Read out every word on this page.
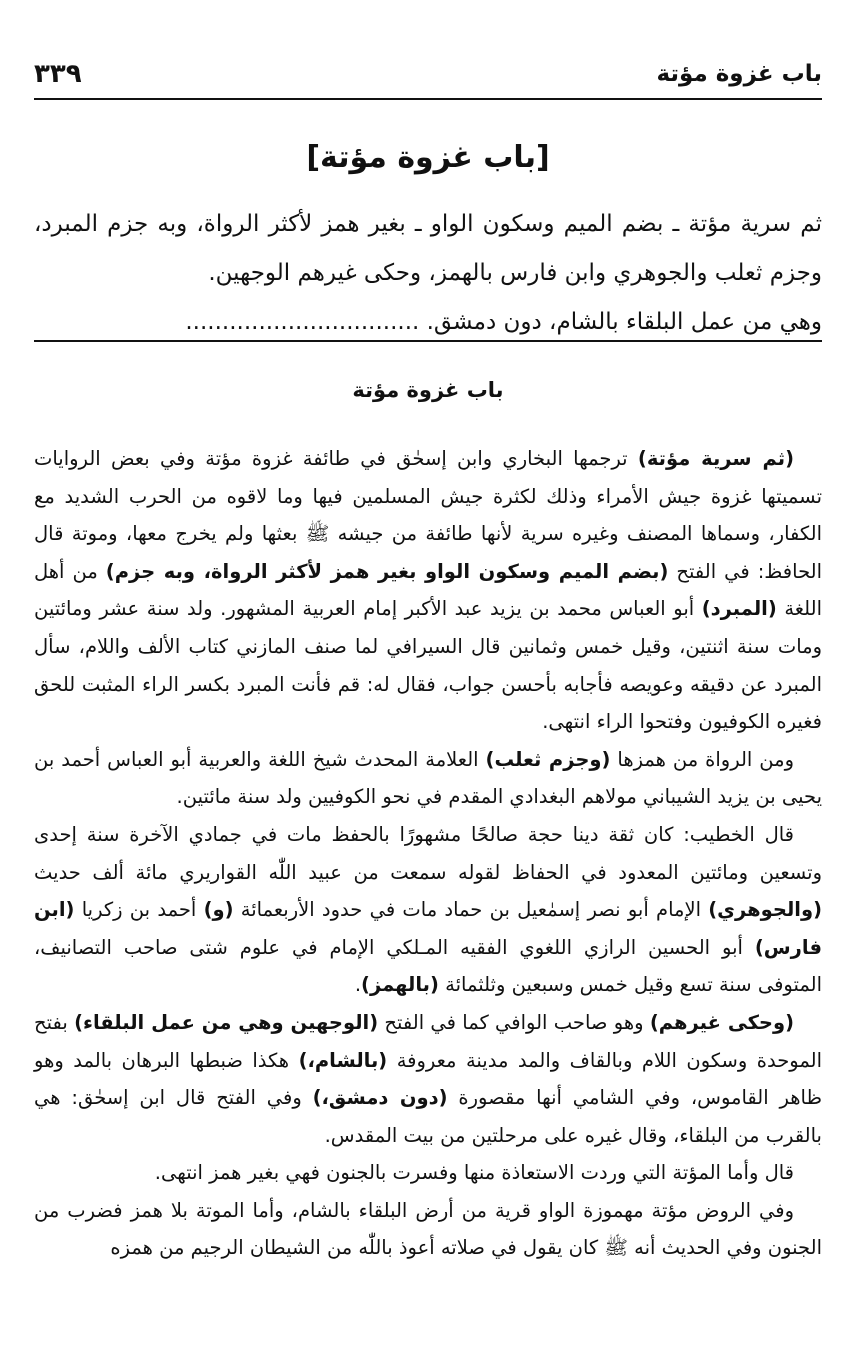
باب غزوة مؤتة
٣٣٩
[باب غزوة مؤتة]

ثم سرية مؤتة ـ بضم الميم وسكون الواو ـ بغير همز لأكثر الرواة، وبه جزم المبرد، وجزم ثعلب والجوهري وابن فارس بالهمز، وحكى غيرهم الوجهين.

وهي من عمل البلقاء بالشام، دون دمشق. ................................

باب غزوة مؤتة

(ثم سرية مؤتة) ترجمها البخاري وابن إسحٰق في طائفة غزوة مؤتة وفي بعض الروايات تسميتها غزوة جيش الأمراء وذلك لكثرة جيش المسلمين فيها وما لاقوه من الحرب الشديد مع الكفار، وسماها المصنف وغيره سرية لأنها طائفة من جيشه ﷺ بعثها ولم يخرج معها، وموتة قال الحافظ: في الفتح (بضم الميم وسكون الواو بغير همز لأكثر الرواة، وبه جزم) من أهل اللغة (المبرد) أبو العباس محمد بن يزيد عبد الأكبر إمام العربية المشهور. ولد سنة عشر ومائتين ومات سنة اثنتين، وقيل خمس وثمانين قال السيرافي لما صنف المازني كتاب الألف واللام، سأل المبرد عن دقيقه وعويصه فأجابه بأحسن جواب، فقال له: قم فأنت المبرد بكسر الراء المثبت للحق فغيره الكوفيون وفتحوا الراء انتهى.

ومن الرواة من همزها (وجزم ثعلب) العلامة المحدث شيخ اللغة والعربية أبو العباس أحمد بن يحيى بن يزيد الشيباني مولاهم البغدادي المقدم في نحو الكوفيين ولد سنة مائتين.

قال الخطيب: كان ثقة دينا حجة صالحًا مشهورًا بالحفظ مات في جمادي الآخرة سنة إحدى وتسعين ومائتين المعدود في الحفاظ لقوله سمعت من عبيد اللّٰه القواريري مائة ألف حديث (والجوهري) الإمام أبو نصر إسمٰعيل بن حماد مات في حدود الأربعمائة (و) أحمد بن زكريا (ابن فارس) أبو الحسين الرازي اللغوي الفقيه المـلكي الإمام في علوم شتى صاحب التصانيف، المتوفى سنة تسع وقيل خمس وسبعين وثلثمائة (بالهمز).

(وحكى غيرهم) وهو صاحب الوافي كما في الفتح (الوجهين وهي من عمل البلقاء) بفتح الموحدة وسكون اللام وبالقاف والمد مدينة معروفة (بالشام،) هكذا ضبطها البرهان بالمد وهو ظاهر القاموس، وفي الشامي أنها مقصورة (دون دمشق،) وفي الفتح قال ابن إسحٰق: هي بالقرب من البلقاء، وقال غيره على مرحلتين من بيت المقدس.

قال وأما المؤتة التي وردت الاستعاذة منها وفسرت بالجنون فهي بغير همز انتهى.

وفي الروض مؤتة مهموزة الواو قرية من أرض البلقاء بالشام، وأما الموتة بلا همز فضرب من الجنون وفي الحديث أنه ﷺ كان يقول في صلاته أعوذ باللّٰه من الشيطان الرجيم من همزه
